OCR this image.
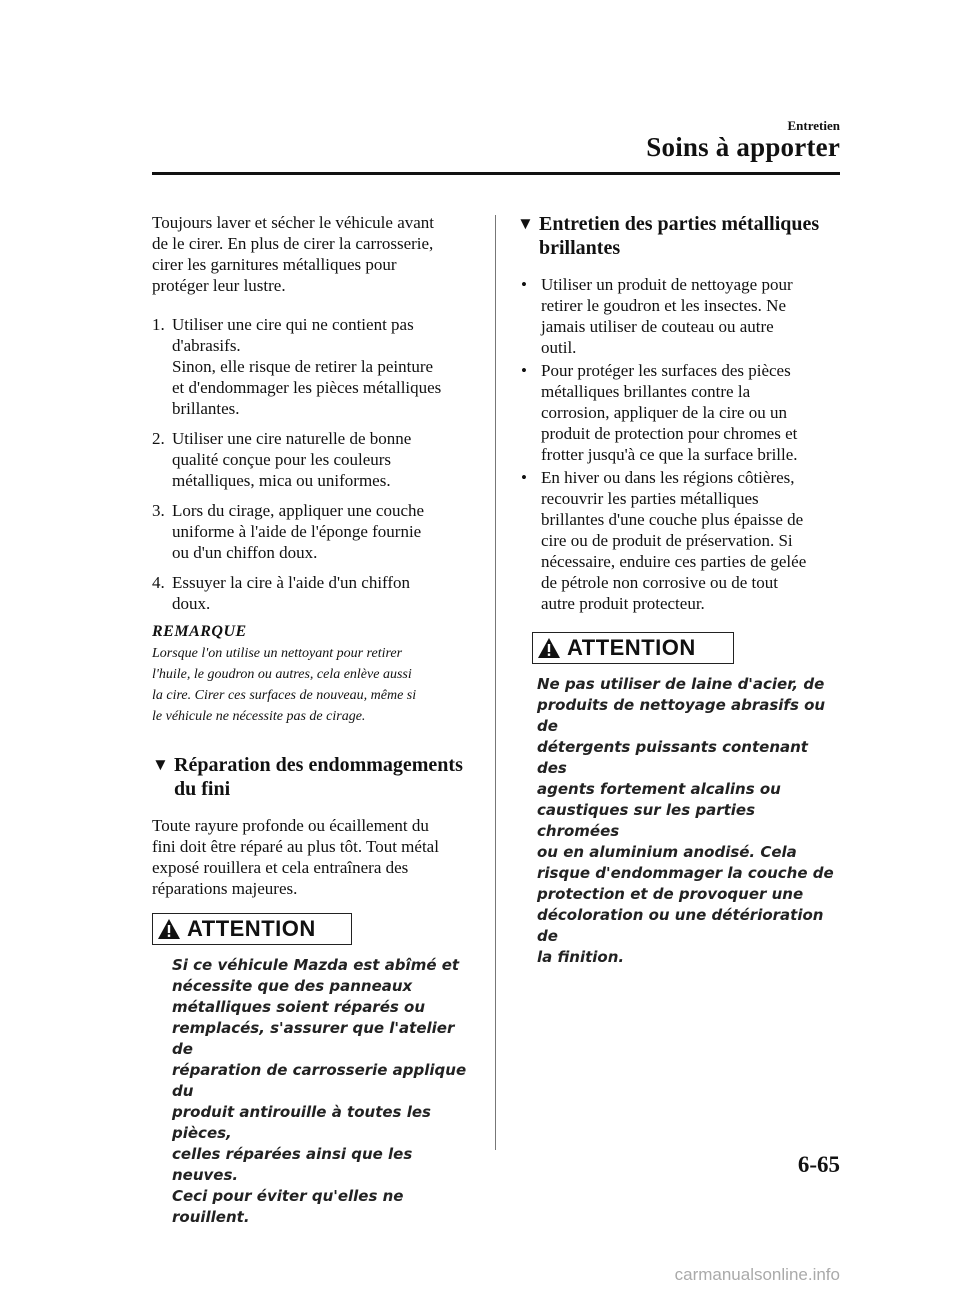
Entretien
Soins à apporter

Toujours laver et sécher le véhicule avant
de le cirer. En plus de cirer la carrosserie,
cirer les garnitures métalliques pour
protéger leur lustre.

1. Utiliser une cire qui ne contient pas
d'abrasifs.
Sinon, elle risque de retirer la peinture
et d'endommager les pièces métalliques
brillantes.
2. Utiliser une cire naturelle de bonne
qualité conçue pour les couleurs
métalliques, mica ou uniformes.
3. Lors du cirage, appliquer une couche
uniforme à l'aide de l'éponge fournie
ou d'un chiffon doux.
4. Essuyer la cire à l'aide d'un chiffon
doux.
REMARQUE
Lorsque l'on utilise un nettoyant pour retirer
l'huile, le goudron ou autres, cela enlève aussi
la cire. Cirer ces surfaces de nouveau, même si
le véhicule ne nécessite pas de cirage.
▼ Réparation des endommagements
du fini

Toute rayure profonde ou écaillement du
fini doit être réparé au plus tôt. Tout métal
exposé rouillera et cela entraînera des
réparations majeures.

ATTENTION
Si ce véhicule Mazda est abîmé et
nécessite que des panneaux
métalliques soient réparés ou
remplacés, s'assurer que l'atelier de
réparation de carrosserie applique du
produit antirouille à toutes les pièces,
celles réparées ainsi que les neuves.
Ceci pour éviter qu'elles ne rouillent.
▼ Entretien des parties métalliques
brillantes
• Utiliser un produit de nettoyage pour
retirer le goudron et les insectes. Ne
jamais utiliser de couteau ou autre
outil.
• Pour protéger les surfaces des pièces
métalliques brillantes contre la
corrosion, appliquer de la cire ou un
produit de protection pour chromes et
frotter jusqu'à ce que la surface brille.
• En hiver ou dans les régions côtières,
recouvrir les parties métalliques
brillantes d'une couche plus épaisse de
cire ou de produit de préservation. Si
nécessaire, enduire ces parties de gelée
de pétrole non corrosive ou de tout
autre produit protecteur.
ATTENTION
Ne pas utiliser de laine d'acier, de
produits de nettoyage abrasifs ou de
détergents puissants contenant des
agents fortement alcalins ou
caustiques sur les parties chromées
ou en aluminium anodisé. Cela
risque d'endommager la couche de
protection et de provoquer une
décoloration ou une détérioration de
la finition.
6-65
carmanualsonline.info
